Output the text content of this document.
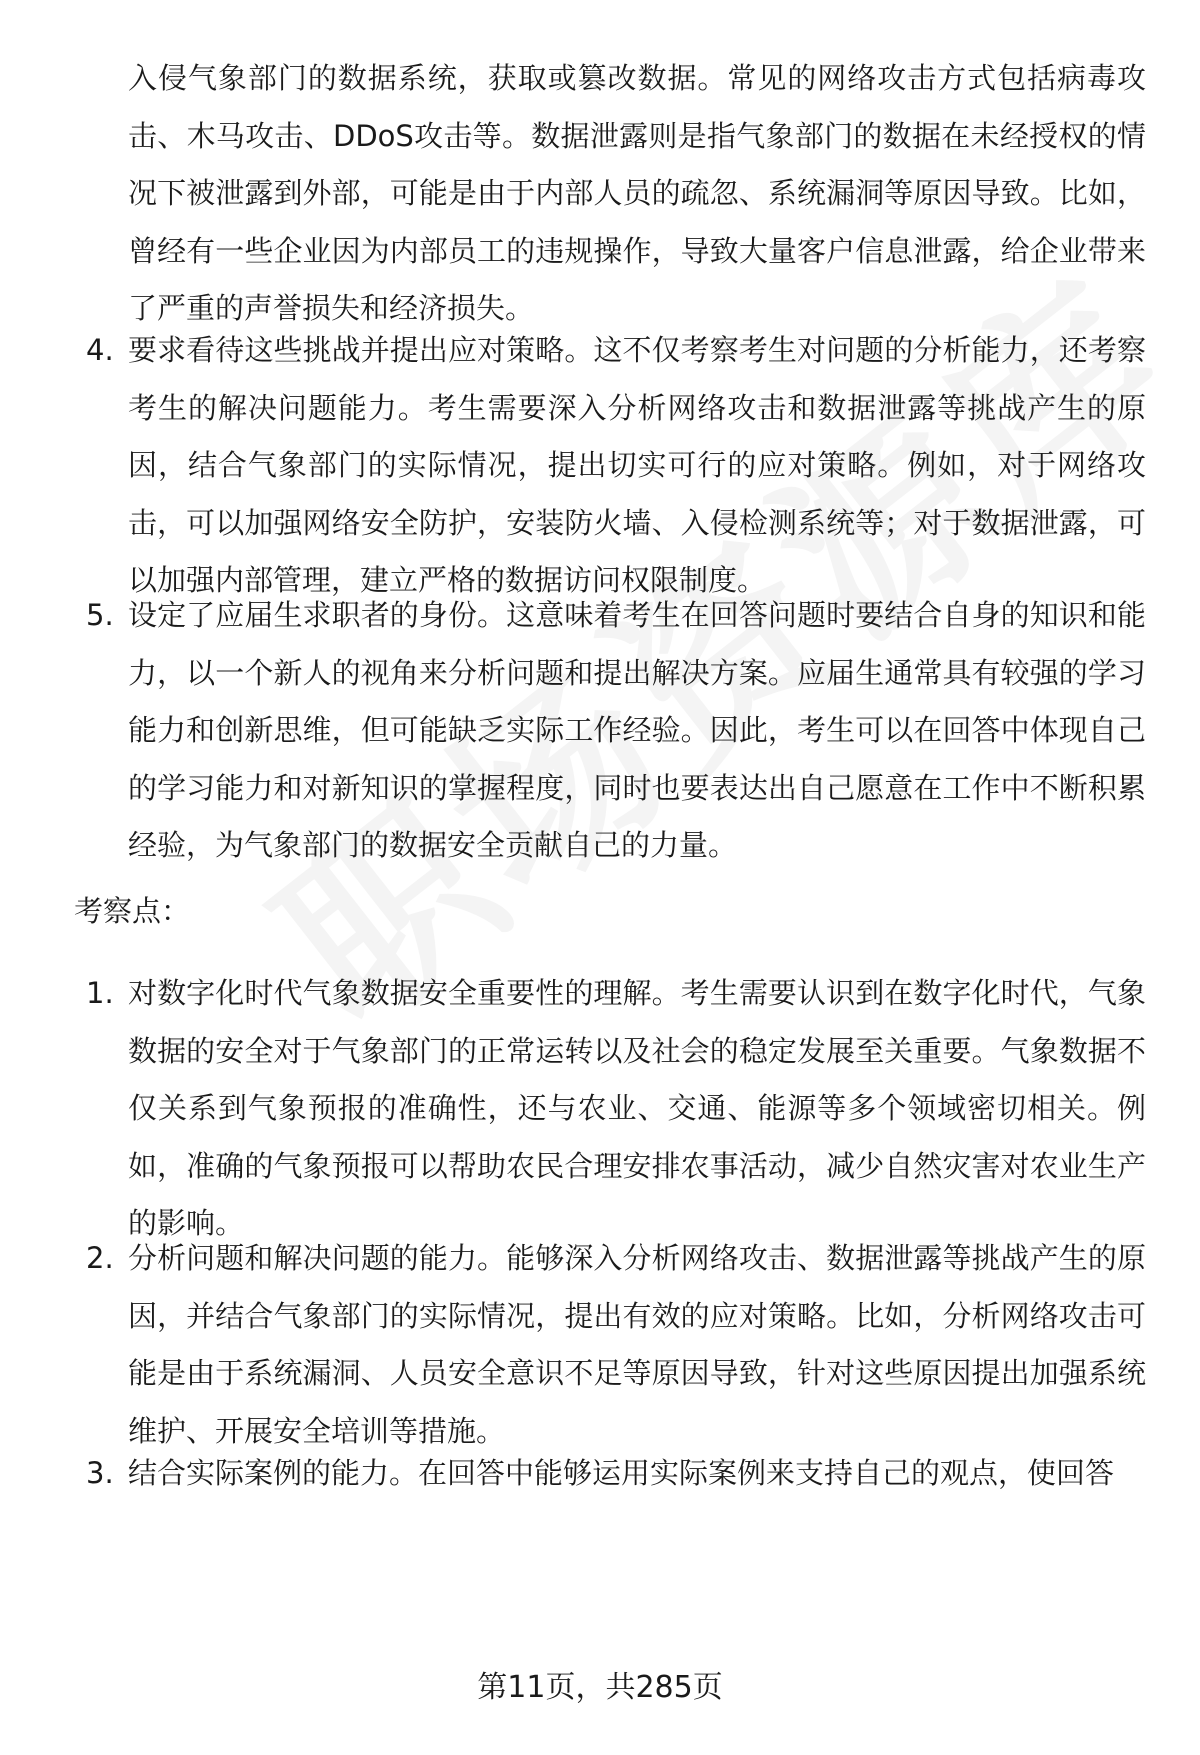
入侵气象部门的数据系统，获取或篡改数据。常见的网络攻击方式包括病毒攻击、木马攻击、DDoS攻击等。数据泄露则是指气象部门的数据在未经授权的情况下被泄露到外部，可能是由于内部人员的疏忽、系统漏洞等原因导致。比如，曾经有一些企业因为内部员工的违规操作，导致大量客户信息泄露，给企业带来了严重的声誉损失和经济损失。

4. 要求看待这些挑战并提出应对策略。这不仅考察考生对问题的分析能力，还考察考生的解决问题能力。考生需要深入分析网络攻击和数据泄露等挑战产生的原因，结合气象部门的实际情况，提出切实可行的应对策略。例如，对于网络攻击，可以加强网络安全防护，安装防火墙、入侵检测系统等；对于数据泄露，可以加强内部管理，建立严格的数据访问权限制度。

5. 设定了应届生求职者的身份。这意味着考生在回答问题时要结合自身的知识和能力，以一个新人的视角来分析问题和提出解决方案。应届生通常具有较强的学习能力和创新思维，但可能缺乏实际工作经验。因此，考生可以在回答中体现自己的学习能力和对新知识的掌握程度，同时也要表达出自己愿意在工作中不断积累经验，为气象部门的数据安全贡献自己的力量。

考察点：
1. 对数字化时代气象数据安全重要性的理解。考生需要认识到在数字化时代，气象数据的安全对于气象部门的正常运转以及社会的稳定发展至关重要。气象数据不仅关系到气象预报的准确性，还与农业、交通、能源等多个领域密切相关。例如，准确的气象预报可以帮助农民合理安排农事活动，减少自然灾害对农业生产的影响。

2. 分析问题和解决问题的能力。能够深入分析网络攻击、数据泄露等挑战产生的原因，并结合气象部门的实际情况，提出有效的应对策略。比如，分析网络攻击可能是由于系统漏洞、人员安全意识不足等原因导致，针对这些原因提出加强系统维护、开展安全培训等措施。

3. 结合实际案例的能力。在回答中能够运用实际案例来支持自己的观点，使回答

第11页，共285页
